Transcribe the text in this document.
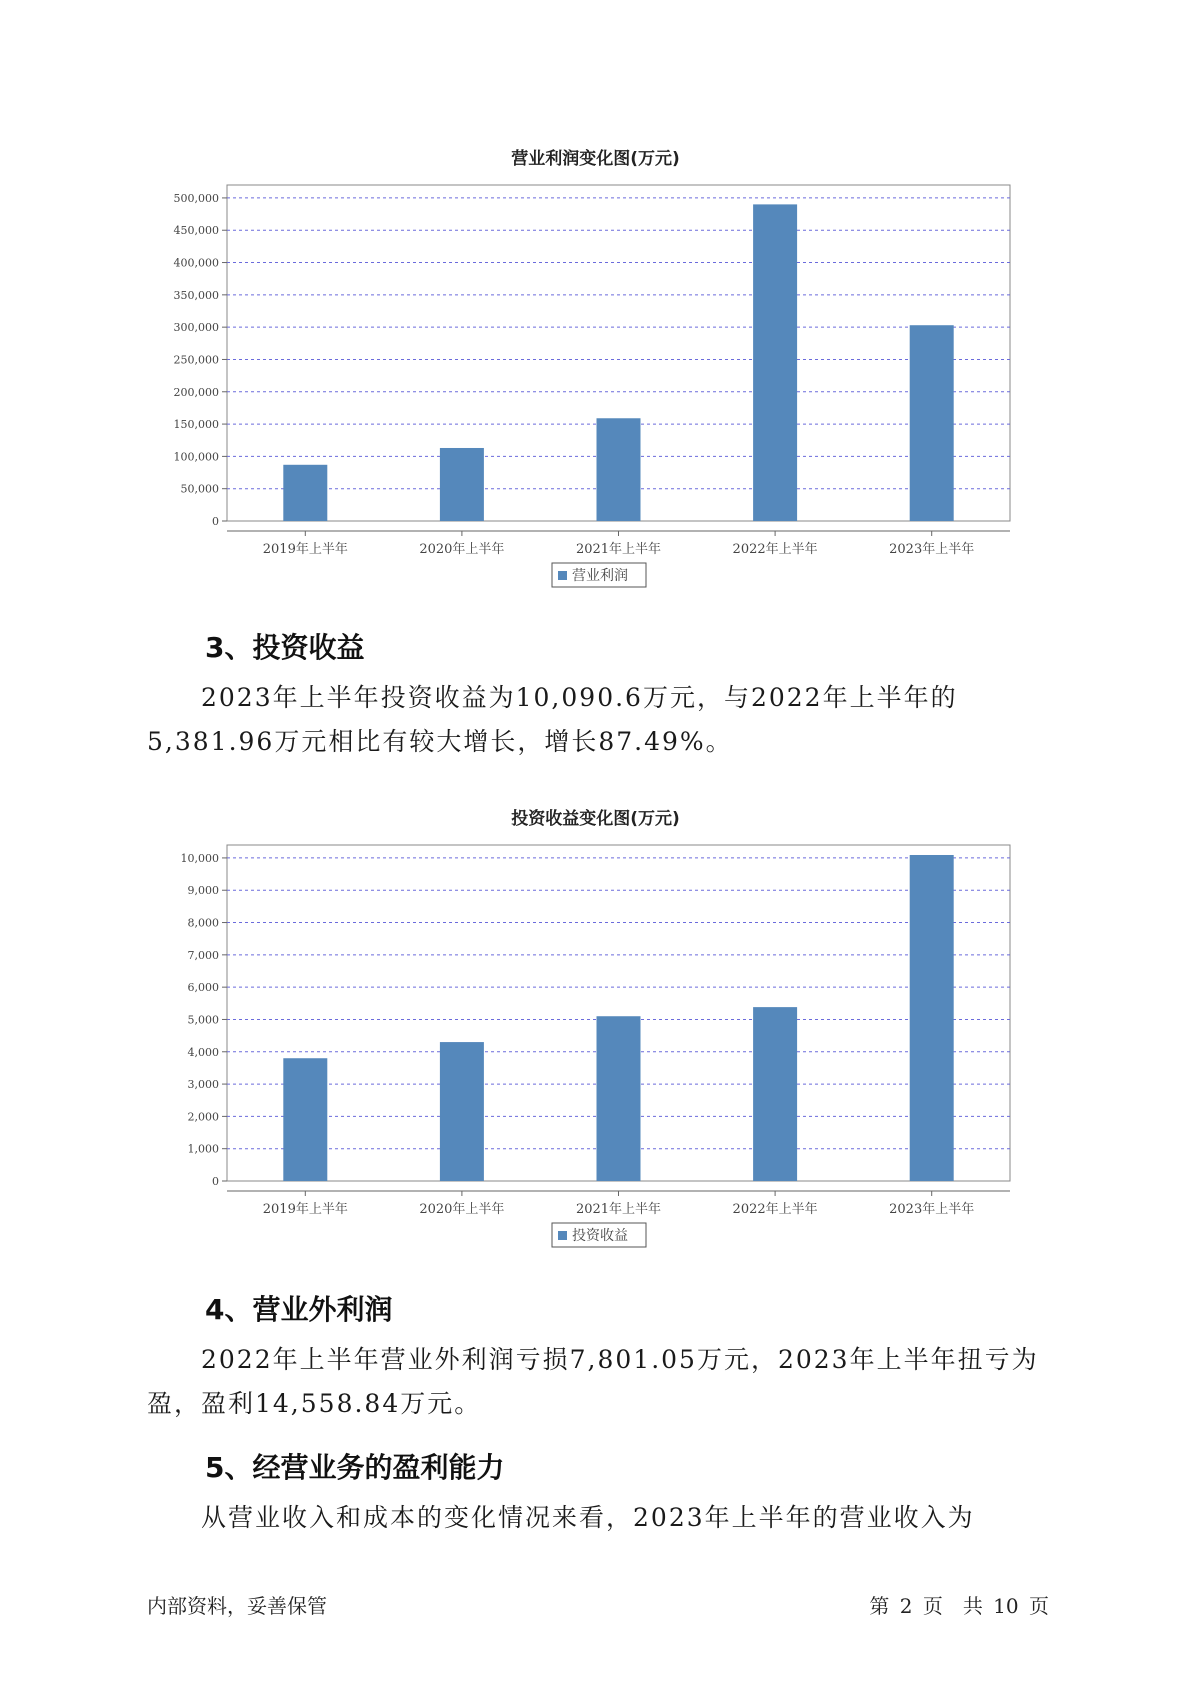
营业利润变化图(万元)
0
50,000
100,000
150,000
200,000
250,000
300,000
350,000
400,000
450,000
500,000
2019年上半年	2020年上半年	2021年上半年	2022年上半年	2023年上半年
营业利润
3、投资收益
2023年上半年投资收益为10,090.6万元，与2022年上半年的5,381.96万元相比有较大增长，增长87.49%。
投资收益变化图(万元)
0
1,000
2,000
3,000
4,000
5,000
6,000
7,000
8,000
9,000
10,000
2019年上半年	2020年上半年	2021年上半年	2022年上半年	2023年上半年
投资收益
4、营业外利润
2022年上半年营业外利润亏损7,801.05万元，2023年上半年扭亏为盈，盈利14,558.84万元。
5、经营业务的盈利能力
从营业收入和成本的变化情况来看，2023年上半年的营业收入为
内部资料，妥善保管	第 2 页　共 10 页
